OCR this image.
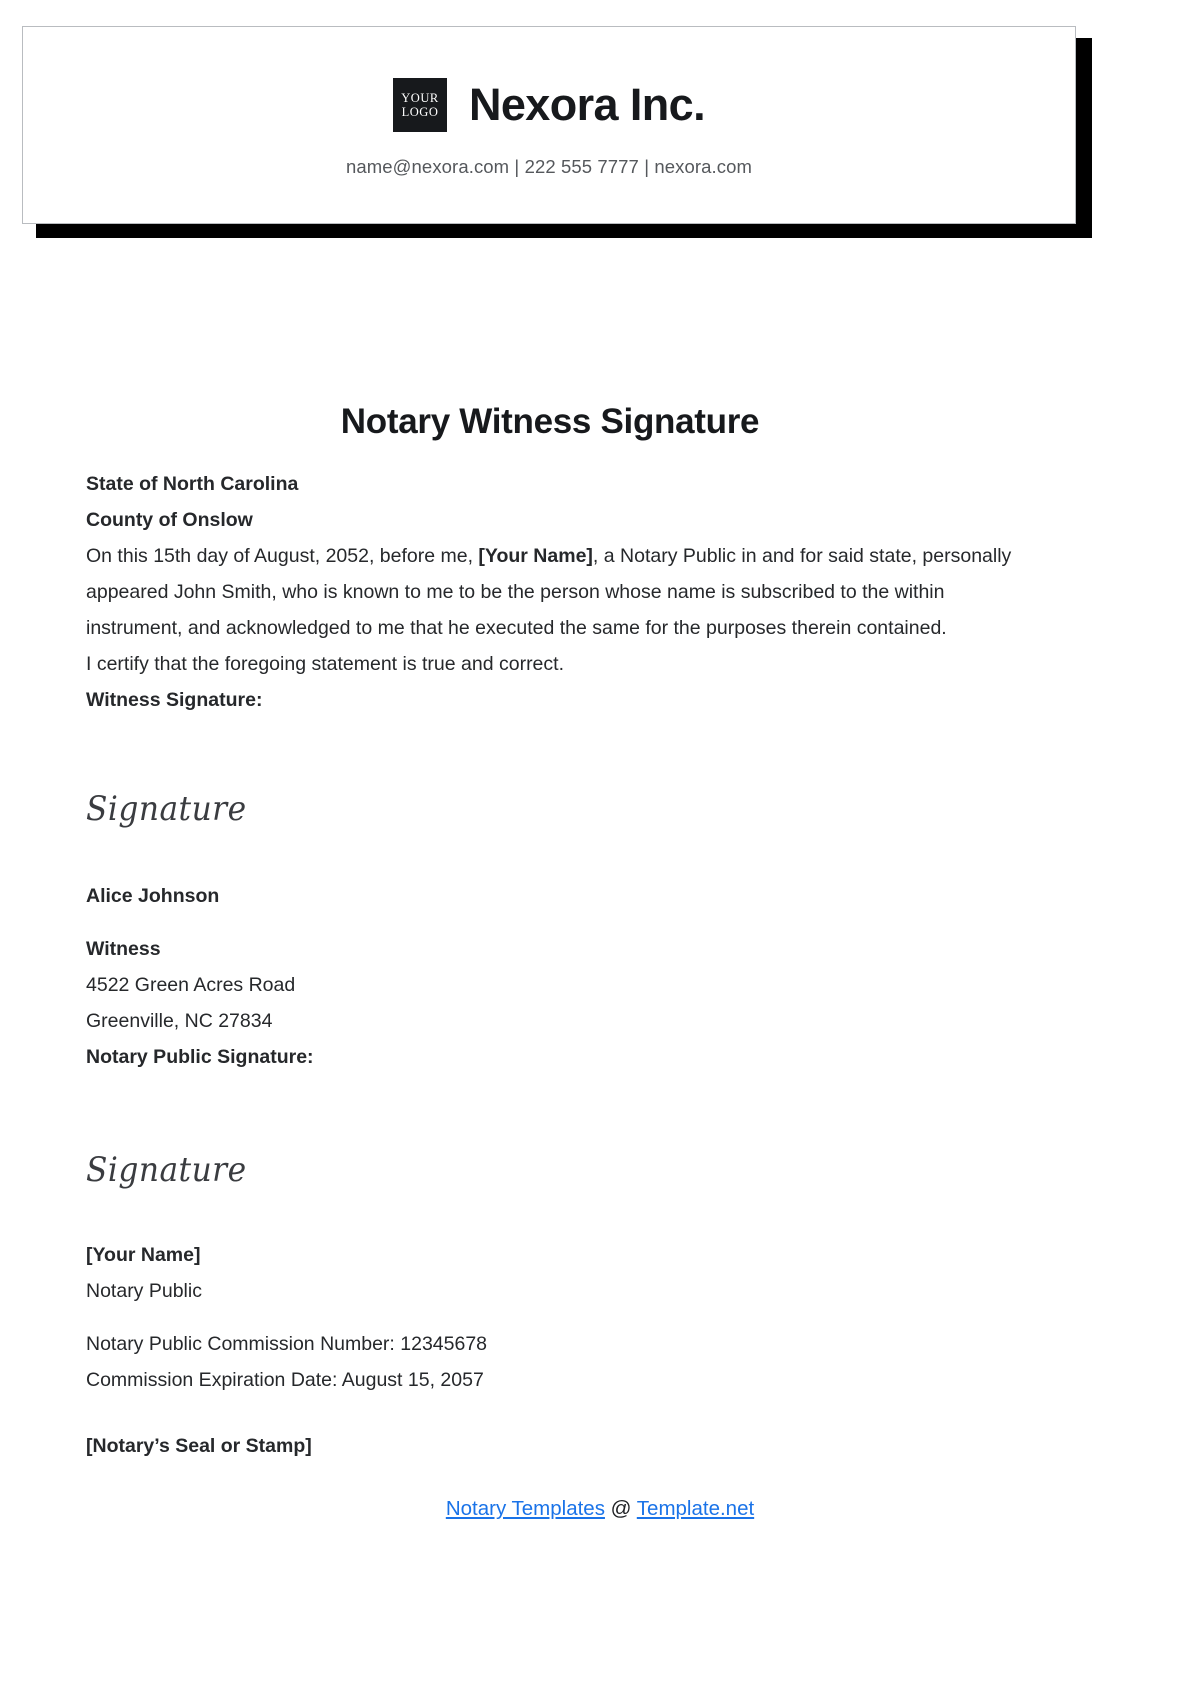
YOUR
LOGO Nexora Inc.
name@nexora.com | 222 555 7777 | nexora.com
Notary Witness Signature
State of North Carolina
County of Onslow

On this 15th day of August, 2052, before me, [Your Name], a Notary Public in and for said state, personally appeared John Smith, who is known to me to be the person whose name is subscribed to the within instrument, and acknowledged to me that he executed the same for the purposes therein contained.

I certify that the foregoing statement is true and correct.
Witness Signature:
Signature
Alice Johnson
Witness
4522 Green Acres Road
Greenville, NC 27834
Notary Public Signature:
Signature
[Your Name]
Notary Public
Notary Public Commission Number: 12345678
Commission Expiration Date: August 15, 2057
[Notary’s Seal or Stamp]
Notary Templates @ Template.net
